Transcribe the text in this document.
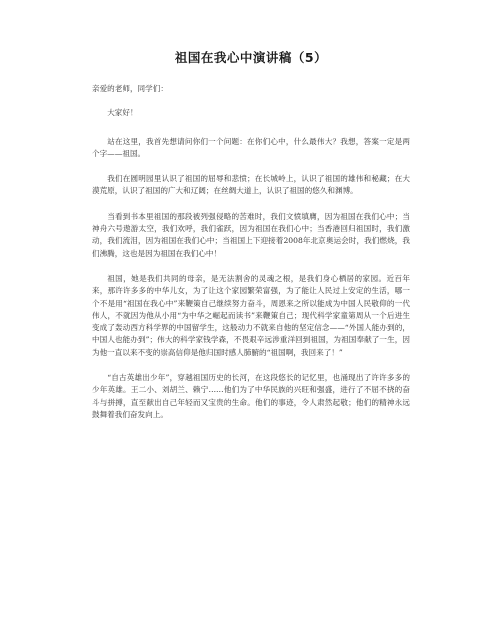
祖国在我心中演讲稿（5）
亲爱的老师，同学们：
大家好！
站在这里，我首先想请问你们一个问题：在你们心中，什么最伟大？我想，答案一定是两个字——祖国。
我们在圆明园里认识了祖国的屈辱和悲愤；在长城岭上，认识了祖国的雄伟和秘藏；在大漠荒原，认识了祖国的广大和辽阔；在丝绸大道上，认识了祖国的悠久和渊博。
当看到书本里祖国的那段被列强侵略的苦难时，我们文愤填膺，因为祖国在我们心中；当神舟六号遨游太空，我们欢呼，我们雀跃，因为祖国在我们心中；当香港回归祖国时，我们激动，我们流泪，因为祖国在我们心中；当祖国上下迎接着2008年北京奥运会时，我们燃烧，我们沸腾，这也是因为祖国在我们心中！
祖国，她是我们共同的母亲，是无法割舍的灵魂之根，是我们身心栖居的家园。近百年来，那许许多多的中华儿女，为了让这个家园繁荣富强，为了能让人民过上安定的生活，哪一个不是用“祖国在我心中”来鞭策自己继续努力奋斗，周恩来之所以能成为中国人民敬仰的一代伟人，不就因为他从小用“为中华之崛起而读书”来鞭策自己；现代科学家童第周从一个后进生变成了轰动西方科学界的中国留学生，这般动力不就来自他的坚定信念——“外国人能办到的，中国人也能办到”；伟大的科学家钱学森，不畏艰辛远涉重洋回到祖国，为祖国奉献了一生，因为他一直以来不变的崇高信仰是他归国时感人肺腑的“祖国啊，我回来了！”
“自古英雄出少年”，穿越祖国历史的长河，在这段悠长的记忆里，也涌现出了许许多多的少年英雄。王二小、刘胡兰、赖宁……他们为了中华民族的兴旺和强盛，进行了不屈不挠的奋斗与拼搏，直至献出自己年轻而又宝贵的生命。他们的事迹，令人肃然起敬；他们的精神永远鼓舞着我们奋发向上。
